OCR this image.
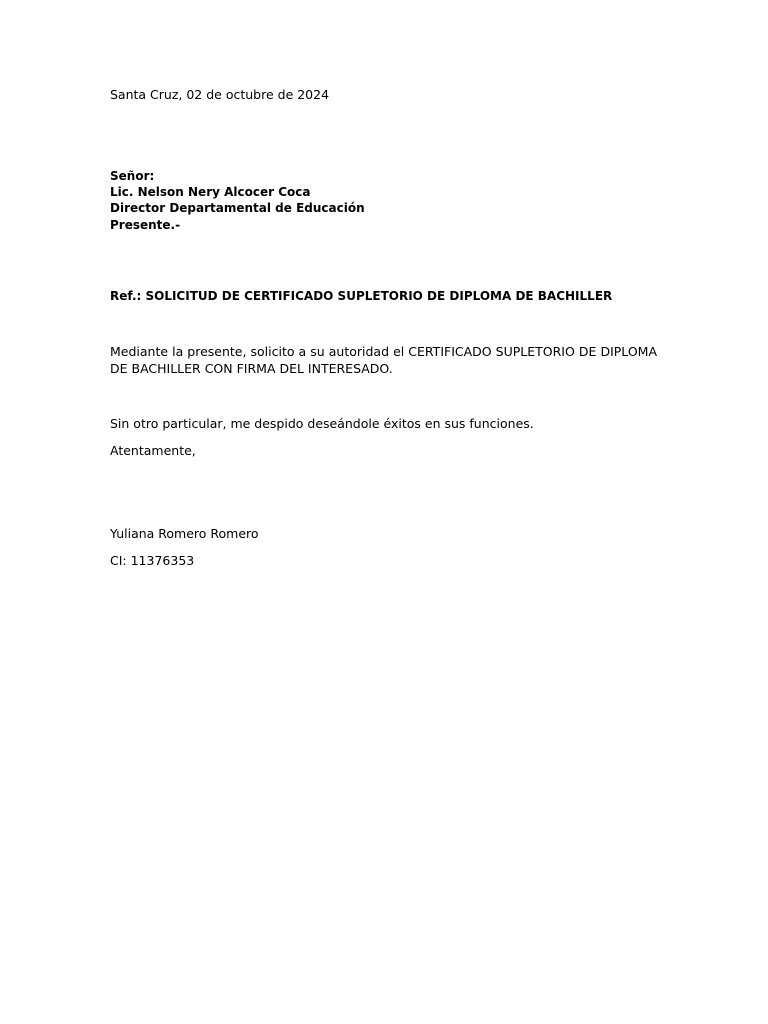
Santa Cruz, 02 de octubre de 2024
Señor:
Lic. Nelson Nery Alcocer Coca
Director Departamental de Educación
Presente.-
Ref.: SOLICITUD DE CERTIFICADO SUPLETORIO DE DIPLOMA DE BACHILLER
Mediante la presente, solicito a su autoridad el CERTIFICADO SUPLETORIO DE DIPLOMA DE BACHILLER CON FIRMA DEL INTERESADO.
Sin otro particular, me despido deseándole éxitos en sus funciones.
Atentamente,
Yuliana Romero Romero
CI: 11376353
